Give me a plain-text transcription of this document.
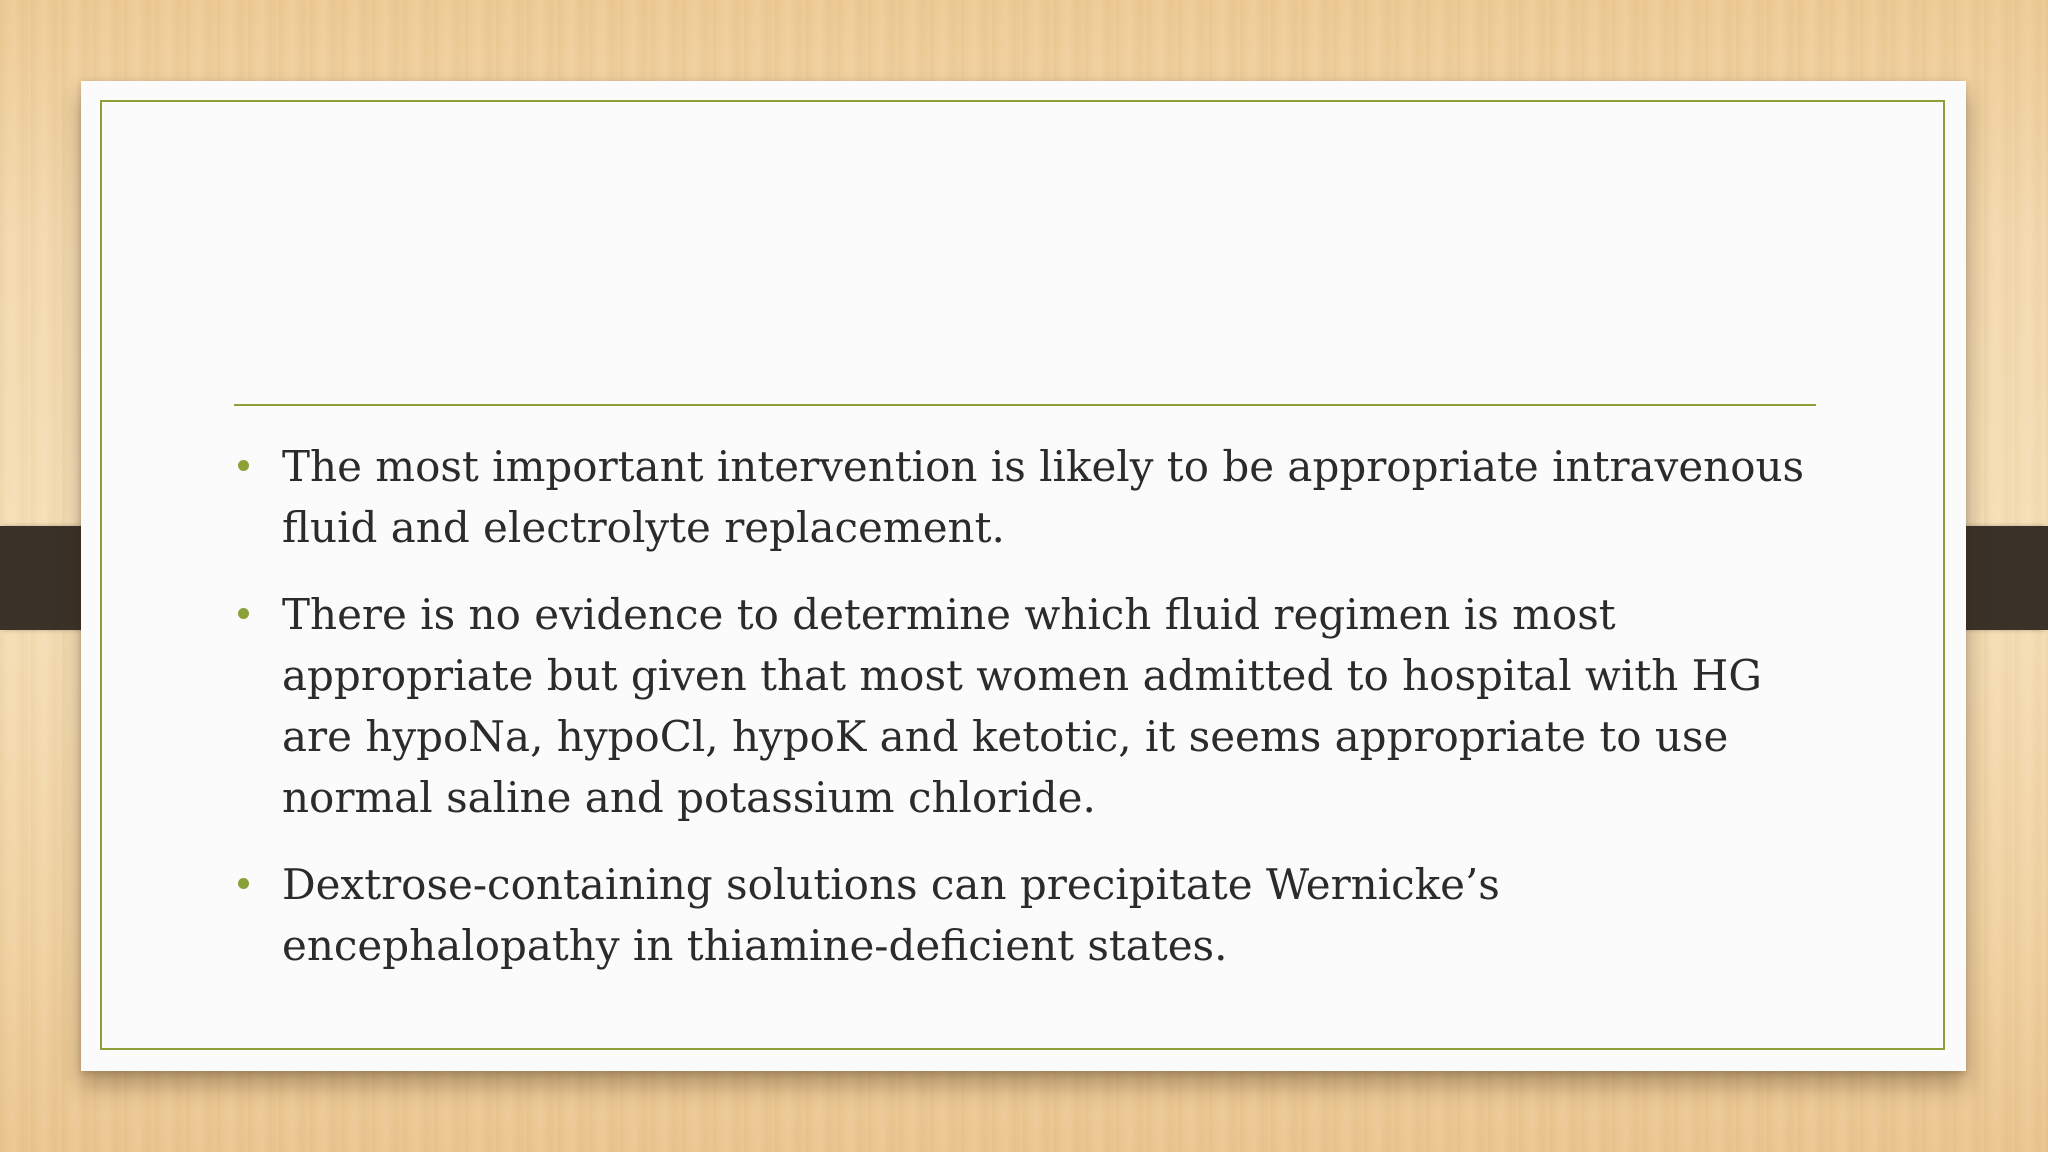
The most important intervention is likely to be appropriate intravenous fluid and electrolyte replacement.
There is no evidence to determine which fluid regimen is most appropriate but given that most women admitted to hospital with HG are hypoNa, hypoCl, hypoK and ketotic, it seems appropriate to use normal saline and potassium chloride.
Dextrose-containing solutions can precipitate Wernicke’s encephalopathy in thiamine-deficient states.
